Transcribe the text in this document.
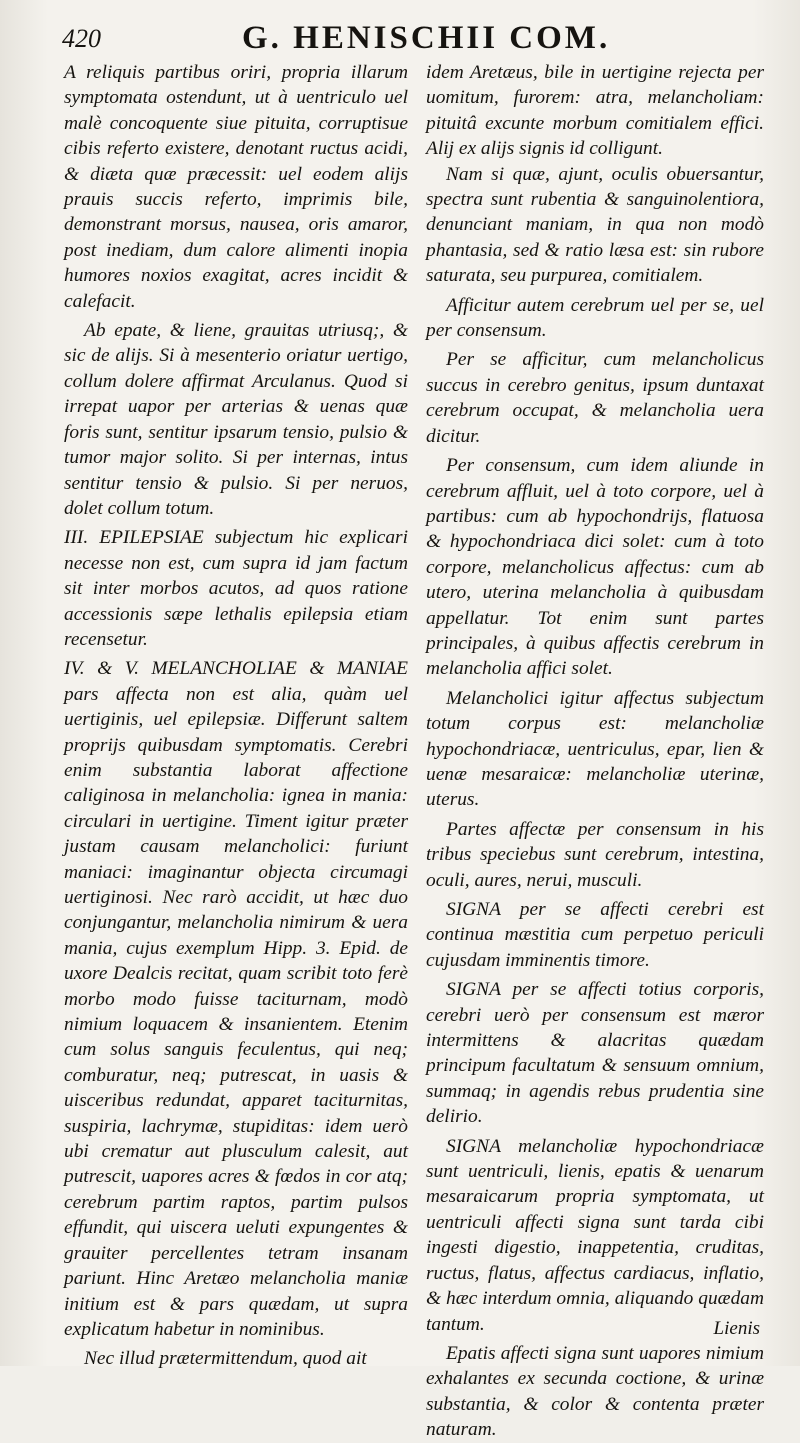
420	G. HENISCHII COM.

A reliquis partibus oriri, propria illarum symptomata ostendunt, ut à uentriculo uel malè concoquente siue pituita, corruptisue cibis referto existere, denotant ructus acidi, & diæta quæ præcessit: uel eodem alijs prauis succis referto, imprimis bile, demonstrant morsus, nausea, oris amaror, post inediam, dum calore alimenti inopia humores noxios exagitat, acres incidit & calefacit.

Ab epate, & liene, grauitas utriusq;, & sic de alijs. Si à mesenterio oriatur uertigo, collum dolere affirmat Arculanus. Quod si irrepat uapor per arterias & uenas quæ foris sunt, sentitur ipsarum tensio, pulsio & tumor major solito. Si per internas, intus sentitur tensio & pulsio. Si per neruos, dolet collum totum.

III. EPILEPSIAE subjectum hic explicari necesse non est, cum supra id jam factum sit inter morbos acutos, ad quos ratione accessionis sæpe lethalis epilepsia etiam recensetur.

IV. & V. MELANCHOLIAE & MANIAE pars affecta non est alia, quàm uel uertiginis, uel epilepsiæ. Differunt saltem proprijs quibusdam symptomatis. Cerebri enim substantia laborat affectione caliginosa in melancholia: ignea in mania: circulari in uertigine. Timent igitur præter justam causam melancholici: furiunt maniaci: imaginantur objecta circumagi uertiginosi. Nec rarò accidit, ut hæc duo conjungantur, melancholia nimirum & uera mania, cujus exemplum Hipp. 3. Epid. de uxore Dealcis recitat, quam scribit toto ferè morbo modo fuisse taciturnam, modò nimium loquacem & insanientem. Etenim cum solus sanguis feculentus, qui neq; comburatur, neq; putrescat, in uasis & uisceribus redundat, apparet taciturnitas, suspiria, lachrymæ, stupiditas: idem uerò ubi crematur aut plusculum calesit, aut putrescit, uapores acres & fœdos in cor atq; cerebrum partim raptos, partim pulsos effundit, qui uiscera ueluti expungentes & grauiter percellentes tetram insanam pariunt. Hinc Aretæo melancholia maniæ initium est & pars quædam, ut supra explicatum habetur in nominibus.

Nec illud prætermittendum, quod ait

idem Aretæus, bile in uertigine rejecta per uomitum, furorem: atra, melancholiam: pituitâ excunte morbum comitialem effici. Alij ex alijs signis id colligunt.

Nam si quæ, ajunt, oculis obuersantur, spectra sunt rubentia & sanguinolentiora, denunciant maniam, in qua non modò phantasia, sed & ratio læsa est: sin rubore saturata, seu purpurea, comitialem.

Afficitur autem cerebrum uel per se, uel per consensum.

Per se afficitur, cum melancholicus succus in cerebro genitus, ipsum duntaxat cerebrum occupat, & melancholia uera dicitur.

Per consensum, cum idem aliunde in cerebrum affluit, uel à toto corpore, uel à partibus: cum ab hypochondrijs, flatuosa & hypochondriaca dici solet: cum à toto corpore, melancholicus affectus: cum ab utero, uterina melancholia à quibusdam appellatur. Tot enim sunt partes principales, à quibus affectis cerebrum in melancholia affici solet.

Melancholici igitur affectus subjectum totum corpus est: melancholiæ hypochondriacæ, uentriculus, epar, lien & uenæ mesaraicæ: melancholiæ uterinæ, uterus.

Partes affectæ per consensum in his tribus speciebus sunt cerebrum, intestina, oculi, aures, nerui, musculi.

SIGNA per se affecti cerebri est continua mæstitia cum perpetuo periculi cujusdam imminentis timore.

SIGNA per se affecti totius corporis, cerebri uerò per consensum est mæror intermittens & alacritas quædam principum facultatum & sensuum omnium, summaq; in agendis rebus prudentia sine delirio.

SIGNA melancholiæ hypochondriacæ sunt uentriculi, lienis, epatis & uenarum mesaraicarum propria symptomata, ut uentriculi affecti signa sunt tarda cibi ingesti digestio, inappetentia, cruditas, ructus, flatus, affectus cardiacus, inflatio, & hæc interdum omnia, aliquando quædam tantum.

Epatis affecti signa sunt uapores nimium exhalantes ex secunda coctione, & urinæ substantia, & color & contenta præter naturam.

Lienis
